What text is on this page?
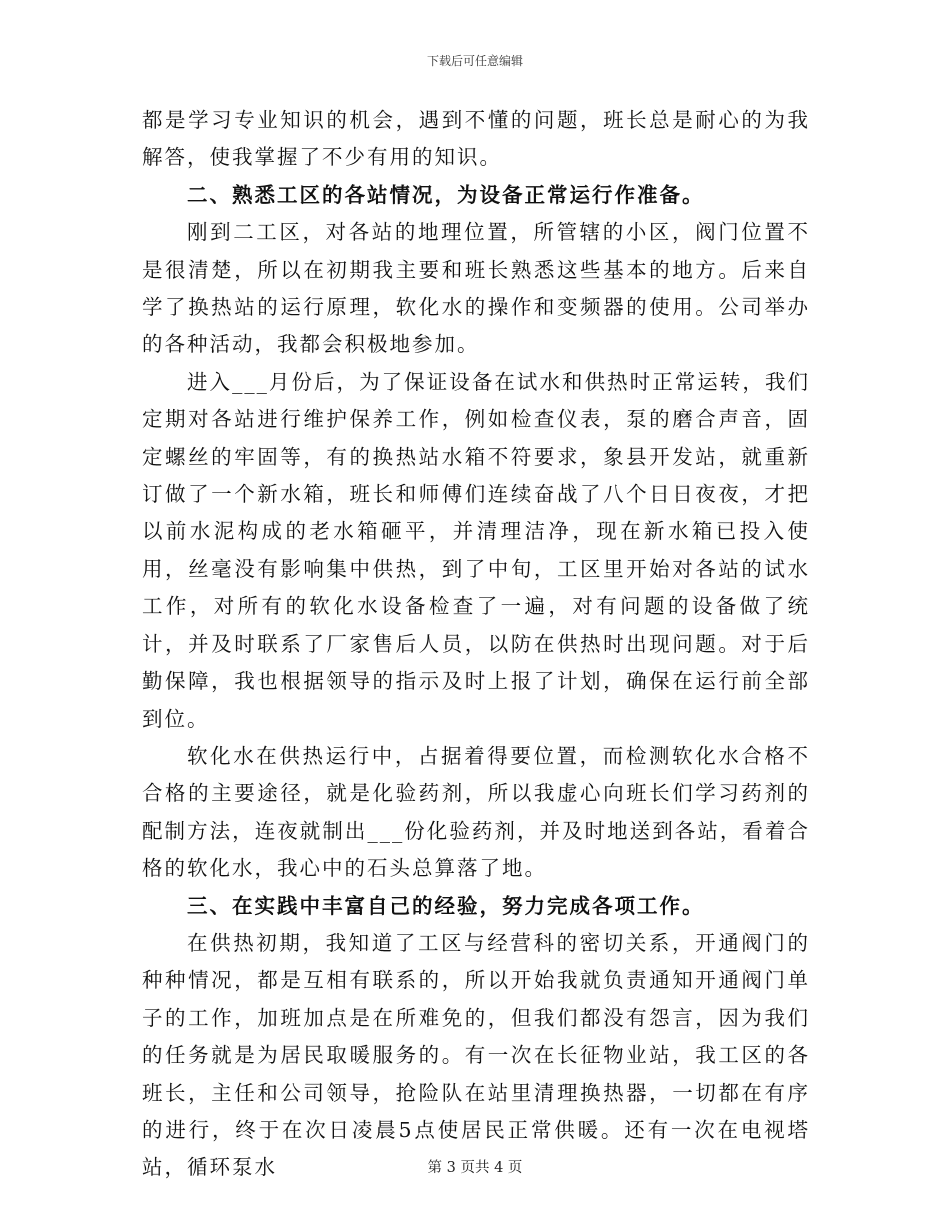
下载后可任意编辑

都是学习专业知识的机会，遇到不懂的问题，班长总是耐心的为我解答，使我掌握了不少有用的知识。

二、熟悉工区的各站情况，为设备正常运行作准备。

刚到二工区，对各站的地理位置，所管辖的小区，阀门位置不是很清楚，所以在初期我主要和班长熟悉这些基本的地方。后来自学了换热站的运行原理，软化水的操作和变频器的使用。公司举办的各种活动，我都会积极地参加。

进入___月份后，为了保证设备在试水和供热时正常运转，我们定期对各站进行维护保养工作，例如检查仪表，泵的磨合声音，固定螺丝的牢固等，有的换热站水箱不符要求，象县开发站，就重新订做了一个新水箱，班长和师傅们连续奋战了八个日日夜夜，才把以前水泥构成的老水箱砸平，并清理洁净，现在新水箱已投入使用，丝毫没有影响集中供热，到了中旬，工区里开始对各站的试水工作，对所有的软化水设备检查了一遍，对有问题的设备做了统计，并及时联系了厂家售后人员，以防在供热时出现问题。对于后勤保障，我也根据领导的指示及时上报了计划，确保在运行前全部到位。

软化水在供热运行中，占据着得要位置，而检测软化水合格不合格的主要途径，就是化验药剂，所以我虚心向班长们学习药剂的配制方法，连夜就制出___份化验药剂，并及时地送到各站，看着合格的软化水，我心中的石头总算落了地。

三、在实践中丰富自己的经验，努力完成各项工作。

在供热初期，我知道了工区与经营科的密切关系，开通阀门的种种情况，都是互相有联系的，所以开始我就负责通知开通阀门单子的工作，加班加点是在所难免的，但我们都没有怨言，因为我们的任务就是为居民取暖服务的。有一次在长征物业站，我工区的各班长，主任和公司领导，抢险队在站里清理换热器，一切都在有序的进行，终于在次日凌晨5点使居民正常供暖。还有一次在电视塔站，循环泵水	第 3 页共 4 页
